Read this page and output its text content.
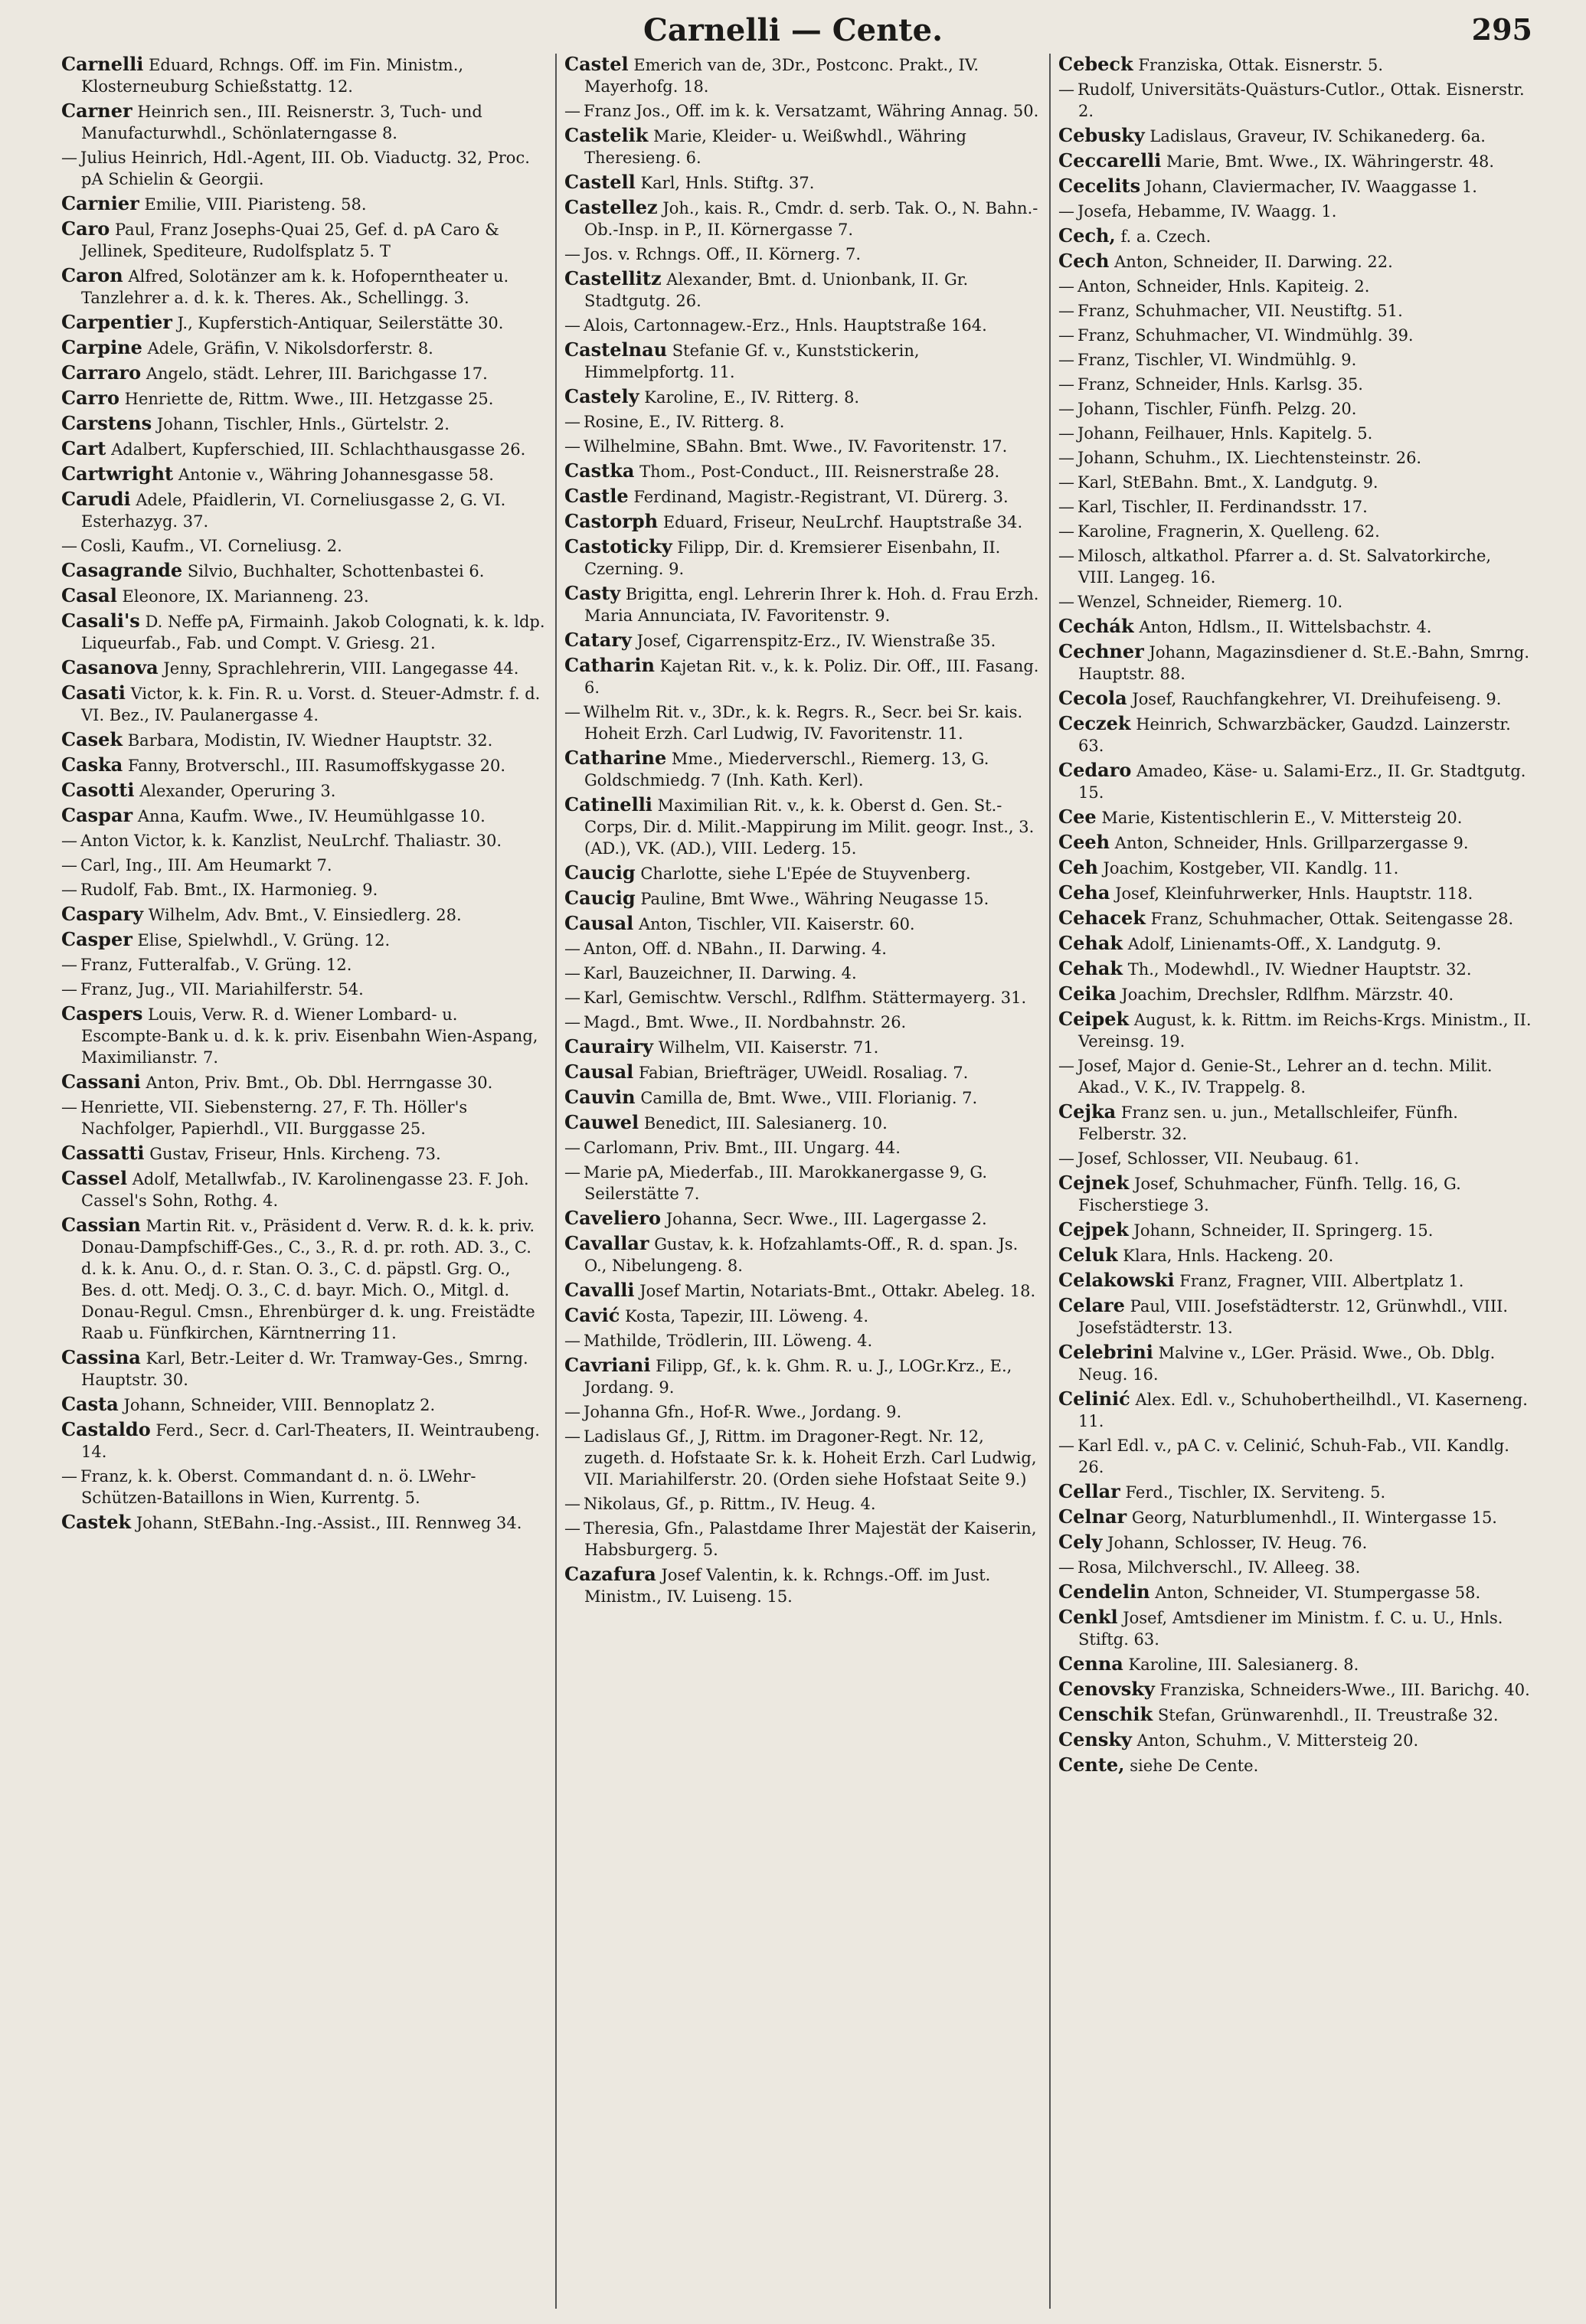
Carnelli — Cente.	295
Carnelli Eduard, Rchngs. Off. im Fin. Ministm., Klosterneuburg Schießstattg. 12.
Carner Heinrich sen., III. Reisnerstr. 3, Tuch- und Manufacturwhdl., Schönlaterngasse 8.
— Julius Heinrich, Hdl.-Agent, III. Ob. Viaductg. 32, Proc. pA Schielin & Georgii.
Carnier Emilie, VIII. Piaristeng. 58.
Caro Paul, Franz Josephs-Quai 25, Gef. d. pA Caro & Jellinek, Spediteure, Rudolfsplatz 5. T
Caron Alfred, Solotänzer am k. k. Hofoperntheater u. Tanzlehrer a. d. k. k. Theres. Ak., Schellingg. 3.
Carpentier J., Kupferstich-Antiquar, Seilerstätte 30.
Carpine Adele, Gräfin, V. Nikolsdorferstr. 8.
Carraro Angelo, städt. Lehrer, III. Barichgasse 17.
Carro Henriette de, Rittm. Wwe., III. Hetzgasse 25.
Carstens Johann, Tischler, Hnls., Gürtelstr. 2.
Cart Adalbert, Kupferschied, III. Schlachthausgasse 26.
Cartwright Antonie v., Währing Johannesgasse 58.
Carudi Adele, Pfaidlerin, VI. Corneliusgasse 2, G. VI. Esterhazyg. 37.
— Cosli, Kaufm., VI. Corneliusg. 2.
Casagrande Silvio, Buchhalter, Schottenbastei 6.
Casal Eleonore, IX. Marianneng. 23.
Casali's D. Neffe pA, Firmainh. Jakob Colognati, k. k. ldp. Liqueurfab., Fab. und Compt. V. Griesg. 21.
Casanova Jenny, Sprachlehrerin, VIII. Langegasse 44.
Casati Victor, k. k. Fin. R. u. Vorst. d. Steuer-Admstr. f. d. VI. Bez., IV. Paulanergasse 4.
Casek Barbara, Modistin, IV. Wiedner Hauptstr. 32.
Caska Fanny, Brotverschl., III. Rasumoffskygasse 20.
Casotti Alexander, Operuring 3.
Caspar Anna, Kaufm. Wwe., IV. Heumühlgasse 10.
— Anton Victor, k. k. Kanzlist, NeuLrchf. Thaliastr. 30.
— Carl, Ing., III. Am Heumarkt 7.
— Rudolf, Fab. Bmt., IX. Harmonieg. 9.
Caspary Wilhelm, Adv. Bmt., V. Einsiedlerg. 28.
Casper Elise, Spielwhdl., V. Grüng. 12.
— Franz, Futteralfab., V. Grüng. 12.
— Franz, Jug., VII. Mariahilferstr. 54.
Caspers Louis, Verw. R. d. Wiener Lombard- u. Escompte-Bank u. d. k. k. priv. Eisenbahn Wien-Aspang, Maximilianstr. 7.
Cassani Anton, Priv. Bmt., Ob. Dbl. Herrngasse 30.
— Henriette, VII. Siebensterng. 27, F. Th. Höller's Nachfolger, Papierhdl., VII. Burggasse 25.
Cassatti Gustav, Friseur, Hnls. Kircheng. 73.
Cassel Adolf, Metallwfab., IV. Karolinengasse 23. F. Joh. Cassel's Sohn, Rothg. 4.
Cassian Martin Rit. v., Präsident d. Verw. R. d. k. k. priv. Donau-Dampfschiff-Ges., C., 3., R. d. pr. roth. AD. 3., C. d. k. k. Anu. O., d. r. Stan. O. 3., C. d. päpstl. Grg. O., Bes. d. ott. Medj. O. 3., C. d. bayr. Mich. O., Mitgl. d. Donau-Regul. Cmsn., Ehrenbürger d. k. ung. Freistädte Raab u. Fünfkirchen, Kärntnerring 11.
Cassina Karl, Betr.-Leiter d. Wr. Tramway-Ges., Smrng. Hauptstr. 30.
Casta Johann, Schneider, VIII. Bennoplatz 2.
Castaldo Ferd., Secr. d. Carl-Theaters, II. Weintraubeng. 14.
— Franz, k. k. Oberst. Commandant d. n. ö. LWehr-Schützen-Bataillons in Wien, Kurrentg. 5.
Castek Johann, StEBahn.-Ing.-Assist., III. Rennweg 34.
Castel Emerich van de, 3Dr., Postconc. Prakt., IV. Mayerhofg. 18.
— Franz Jos., Off. im k. k. Versatzamt, Währing Annag. 50.
Castelik Marie, Kleider- u. Weißwhdl., Währing Theresieng. 6.
Castell Karl, Hnls. Stiftg. 37.
Castellez Joh., kais. R., Cmdr. d. serb. Tak. O., N. Bahn.-Ob.-Insp. in P., II. Körnergasse 7.
— Jos. v. Rchngs. Off., II. Körnerg. 7.
Castellitz Alexander, Bmt. d. Unionbank, II. Gr. Stadtgutg. 26.
— Alois, Cartonnagew.-Erz., Hnls. Hauptstraße 164.
Castelnau Stefanie Gf. v., Kunststickerin, Himmelpfortg. 11.
Castely Karoline, E., IV. Ritterg. 8.
— Rosine, E., IV. Ritterg. 8.
— Wilhelmine, SBahn. Bmt. Wwe., IV. Favoritenstr. 17.
Castka Thom., Post-Conduct., III. Reisnerstraße 28.
Castle Ferdinand, Magistr.-Registrant, VI. Dürerg. 3.
Castorph Eduard, Friseur, NeuLrchf. Hauptstraße 34.
Castoticky Filipp, Dir. d. Kremsierer Eisenbahn, II. Czerning. 9.
Casty Brigitta, engl. Lehrerin Ihrer k. Hoh. d. Frau Erzh. Maria Annunciata, IV. Favoritenstr. 9.
Catary Josef, Cigarrenspitz-Erz., IV. Wienstraße 35.
Catharin Kajetan Rit. v., k. k. Poliz. Dir. Off., III. Fasang. 6.
— Wilhelm Rit. v., 3Dr., k. k. Regrs. R., Secr. bei Sr. kais. Hoheit Erzh. Carl Ludwig, IV. Favoritenstr. 11.
Catharine Mme., Miederverschl., Riemerg. 13, G. Goldschmiedg. 7 (Inh. Kath. Kerl).
Catinelli Maximilian Rit. v., k. k. Oberst d. Gen. St.-Corps, Dir. d. Milit.-Mappirung im Milit. geogr. Inst., 3. (AD.), VK. (AD.), VIII. Lederg. 15.
Caucig Charlotte, siehe L'Epée de Stuyvenberg.
Caucig Pauline, Bmt Wwe., Währing Neugasse 15.
Causal Anton, Tischler, VII. Kaiserstr. 60.
— Anton, Off. d. NBahn., II. Darwing. 4.
— Karl, Bauzeichner, II. Darwing. 4.
— Karl, Gemischtw. Verschl., Rdlfhm. Stättermayerg. 31.
— Magd., Bmt. Wwe., II. Nordbahnstr. 26.
Caurairy Wilhelm, VII. Kaiserstr. 71.
Causal Fabian, Briefträger, UWeidl. Rosaliag. 7.
Cauvin Camilla de, Bmt. Wwe., VIII. Florianig. 7.
Cauwel Benedict, III. Salesianerg. 10.
— Carlomann, Priv. Bmt., III. Ungarg. 44.
— Marie pA, Miederfab., III. Marokkanergasse 9, G. Seilerstätte 7.
Caveliero Johanna, Secr. Wwe., III. Lagergasse 2.
Cavallar Gustav, k. k. Hofzahlamts-Off., R. d. span. Js. O., Nibelungeng. 8.
Cavalli Josef Martin, Notariats-Bmt., Ottakr. Abeleg. 18.
Cavić Kosta, Tapezir, III. Löweng. 4.
— Mathilde, Trödlerin, III. Löweng. 4.
Cavriani Filipp, Gf., k. k. Ghm. R. u. J., LOGr.Krz., E., Jordang. 9.
— Johanna Gfn., Hof-R. Wwe., Jordang. 9.
— Ladislaus Gf., J, Rittm. im Dragoner-Regt. Nr. 12, zugeth. d. Hofstaate Sr. k. k. Hoheit Erzh. Carl Ludwig, VII. Mariahilferstr. 20. (Orden siehe Hofstaat Seite 9.)
— Nikolaus, Gf., p. Rittm., IV. Heug. 4.
— Theresia, Gfn., Palastdame Ihrer Majestät der Kaiserin, Habsburgerg. 5.
Cazafura Josef Valentin, k. k. Rchngs.-Off. im Just. Ministm., IV. Luiseng. 15.
Cebeck Franziska, Ottak. Eisnerstr. 5.
— Rudolf, Universitäts-Quästurs-Cutlor., Ottak. Eisnerstr. 2.
Cebusky Ladislaus, Graveur, IV. Schikanederg. 6a.
Ceccarelli Marie, Bmt. Wwe., IX. Währingerstr. 48.
Cecelits Johann, Claviermacher, IV. Waaggasse 1.
— Josefa, Hebamme, IV. Waagg. 1.
Cech, f. a. Czech.
Cech Anton, Schneider, II. Darwing. 22.
— Anton, Schneider, Hnls. Kapiteig. 2.
— Franz, Schuhmacher, VII. Neustiftg. 51.
— Franz, Schuhmacher, VI. Windmühlg. 39.
— Franz, Tischler, VI. Windmühlg. 9.
— Franz, Schneider, Hnls. Karlsg. 35.
— Johann, Tischler, Fünfh. Pelzg. 20.
— Johann, Feilhauer, Hnls. Kapitelg. 5.
— Johann, Schuhm., IX. Liechtensteinstr. 26.
— Karl, StEBahn. Bmt., X. Landgutg. 9.
— Karl, Tischler, II. Ferdinandsstr. 17.
— Karoline, Fragnerin, X. Quelleng. 62.
— Milosch, altkathol. Pfarrer a. d. St. Salvatorkirche, VIII. Langeg. 16.
— Wenzel, Schneider, Riemerg. 10.
Cechák Anton, Hdlsm., II. Wittelsbachstr. 4.
Cechner Johann, Magazinsdiener d. St.E.-Bahn, Smrng. Hauptstr. 88.
Cecola Josef, Rauchfangkehrer, VI. Dreihufeiseng. 9.
Ceczek Heinrich, Schwarzbäcker, Gaudzd. Lainzerstr. 63.
Cedaro Amadeo, Käse- u. Salami-Erz., II. Gr. Stadtgutg. 15.
Cee Marie, Kistentischlerin E., V. Mittersteig 20.
Ceeh Anton, Schneider, Hnls. Grillparzergasse 9.
Ceh Joachim, Kostgeber, VII. Kandlg. 11.
Ceha Josef, Kleinfuhrwerker, Hnls. Hauptstr. 118.
Cehacek Franz, Schuhmacher, Ottak. Seitengasse 28.
Cehak Adolf, Linienamts-Off., X. Landgutg. 9.
Cehak Th., Modewhdl., IV. Wiedner Hauptstr. 32.
Ceika Joachim, Drechsler, Rdlfhm. Märzstr. 40.
Ceipek August, k. k. Rittm. im Reichs-Krgs. Ministm., II. Vereinsg. 19.
— Josef, Major d. Genie-St., Lehrer an d. techn. Milit. Akad., V. K., IV. Trappelg. 8.
Cejka Franz sen. u. jun., Metallschleifer, Fünfh. Felberstr. 32.
— Josef, Schlosser, VII. Neubaug. 61.
Cejnek Josef, Schuhmacher, Fünfh. Tellg. 16, G. Fischerstiege 3.
Cejpek Johann, Schneider, II. Springerg. 15.
Celuk Klara, Hnls. Hackeng. 20.
Celakowski Franz, Fragner, VIII. Albertplatz 1.
Celare Paul, VIII. Josefstädterstr. 12, Grünwhdl., VIII. Josefstädterstr. 13.
Celebrini Malvine v., LGer. Präsid. Wwe., Ob. Dblg. Neug. 16.
Celinić Alex. Edl. v., Schuhobertheilhdl., VI. Kaserneng. 11.
— Karl Edl. v., pA C. v. Celinić, Schuh-Fab., VII. Kandlg. 26.
Cellar Ferd., Tischler, IX. Serviteng. 5.
Celnar Georg, Naturblumenhdl., II. Wintergasse 15.
Cely Johann, Schlosser, IV. Heug. 76.
— Rosa, Milchverschl., IV. Alleeg. 38.
Cendelin Anton, Schneider, VI. Stumpergasse 58.
Cenkl Josef, Amtsdiener im Ministm. f. C. u. U., Hnls. Stiftg. 63.
Cenna Karoline, III. Salesianerg. 8.
Cenovsky Franziska, Schneiders-Wwe., III. Barichg. 40.
Censchik Stefan, Grünwarenhdl., II. Treustraße 32.
Censky Anton, Schuhm., V. Mittersteig 20.
Cente, siehe De Cente.
